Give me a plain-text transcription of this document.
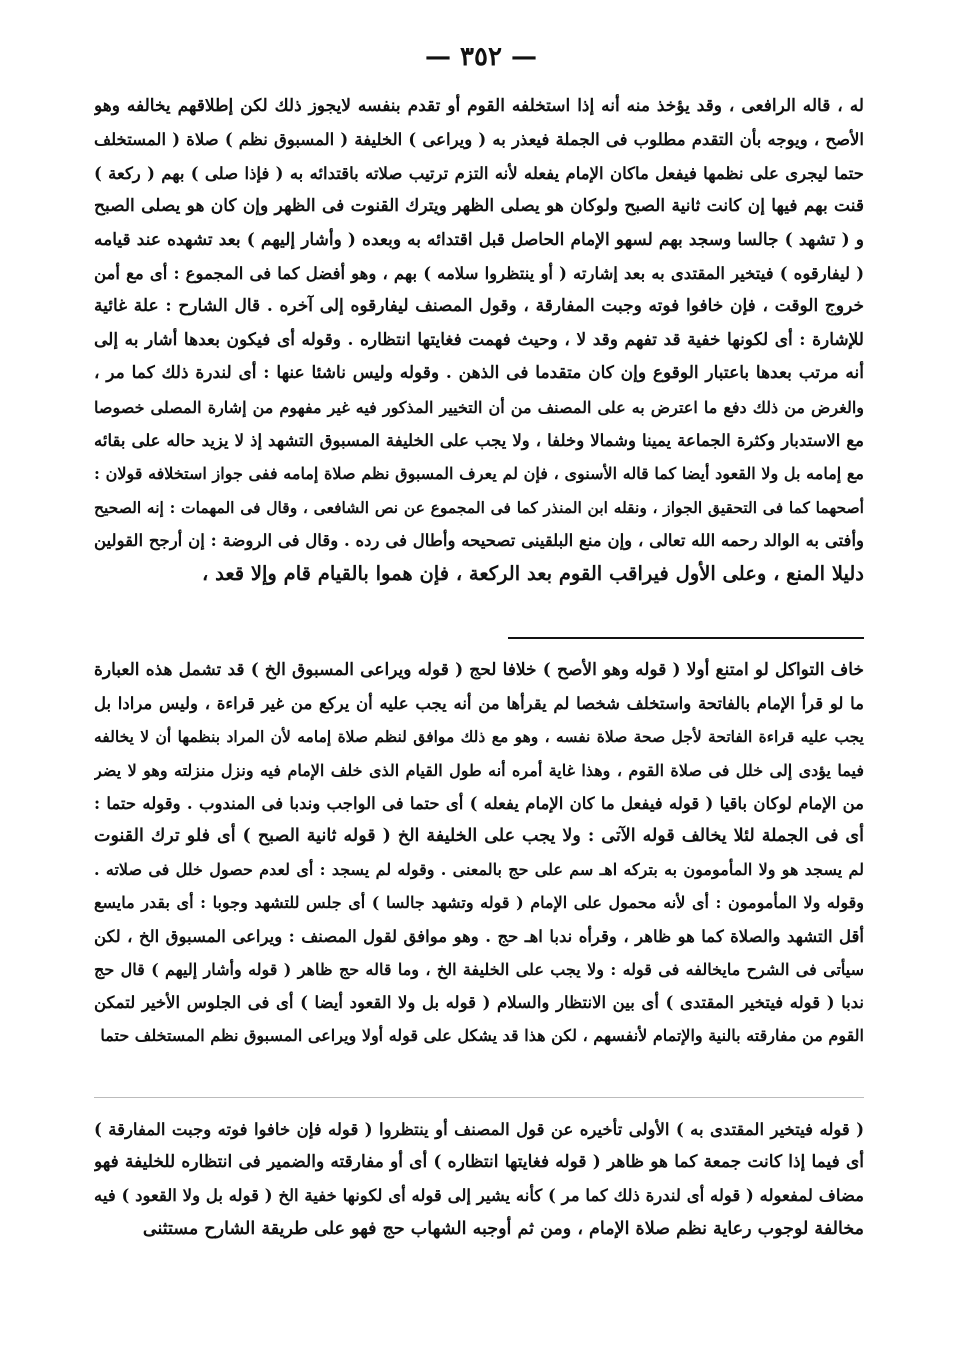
— ٣٥٢ —
له ، قاله الرافعى ، وقد يؤخذ منه أنه إذا استخلفه القوم أو تقدم بنفسه لايجوز ذلك لكن إطلاقهم يخالفه وهو
الأصح ، ويوجه بأن التقدم مطلوب فى الجملة فيعذر به ( ويراعى ) الخليفة ( المسبوق نظم ) صلاة ( المستخلف
حتما ليجرى على نظمها فيفعل ماكان الإمام يفعله لأنه التزم ترتيب صلاته باقتدائه به ( فإذا صلى ) بهم ( ركعة )
قنت بهم فيها إن كانت ثانية الصبح ولوكان هو يصلى الظهر ويترك القنوت فى الظهر وإن كان هو يصلى الصبح
و ( تشهد ) جالسا وسجد بهم لسهو الإمام الحاصل قبل اقتدائه به وبعده ( وأشار إليهم ) بعد تشهده عند قيامه
( ليفارقوه ) فيتخير المقتدى به بعد إشارته ( أو ينتظروا سلامه ) بهم ، وهو أفضل كما فى المجموع : أى مع أمن
خروج الوقت ، فإن خافوا فوته وجبت المفارقة ، وقول المصنف ليفارقوه إلى آخره . قال الشارح : علة غائية
للإشارة : أى لكونها خفية قد تفهم وقد لا ، وحيث فهمت فغايتها انتظاره . وقوله أى فيكون بعدها أشار به إلى
أنه مرتب بعدها باعتبار الوقوع وإن كان متقدما فى الذهن . وقوله وليس ناشئا عنها : أى لندرة ذلك كما مر ،
والغرض من ذلك دفع ما اعترض به على المصنف من أن التخيير المذكور فيه غير مفهوم من إشارة المصلى خصوصا
مع الاستدبار وكثرة الجماعة يمينا وشمالا وخلفا ، ولا يجب على الخليفة المسبوق التشهد إذ لا يزيد حاله على بقائه
مع إمامه بل ولا القعود أيضا كما قاله الأسنوى ، فإن لم يعرف المسبوق نظم صلاة إمامه ففى جواز استخلافه قولان :
أصحهما كما فى التحقيق الجواز ، ونقله ابن المنذر كما فى المجموع عن نص الشافعى ، وقال فى المهمات : إنه الصحيح
وأفتى به الوالد رحمه الله تعالى ، وإن منع البلقينى تصحيحه وأطال فى رده . وقال فى الروضة : إن أرجح القولين
دليلا المنع ، وعلى الأول فيراقب القوم بعد الركعة ، فإن هموا بالقيام قام وإلا قعد ،
خاف التواكل لو امتنع أولا ( قوله وهو الأصح ) خلافا لحج ( قوله ويراعى المسبوق الخ ) قد تشمل هذه العبارة
ما لو قرأ الإمام بالفاتحة واستخلف شخصا لم يقرأها من أنه يجب عليه أن يركع من غير قراءة ، وليس مرادا بل
يجب عليه قراءة الفاتحة لأجل صحة صلاة نفسه ، وهو مع ذلك موافق لنظم صلاة إمامه لأن المراد بنظمها أن لا يخالفه
فيما يؤدى إلى خلل فى صلاة القوم ، وهذا غاية أمره أنه طول القيام الذى خلف الإمام فيه ونزل منزلته وهو لا يضر
من الإمام لوكان باقيا ( قوله فيفعل ما كان الإمام يفعله ) أى حتما فى الواجب وندبا فى المندوب . وقوله حتما :
أى فى الجملة لئلا يخالف قوله الآتى : ولا يجب على الخليفة الخ ( قوله ثانية الصبح ) أى فلو ترك القنوت
لم يسجد هو ولا المأمومون به بتركه اهـ سم على حج بالمعنى . وقوله لم يسجد : أى لعدم حصول خلل فى صلاته .
وقوله ولا المأمومون : أى لأنه محمول على الإمام ( قوله وتشهد جالسا ) أى جلس للتشهد وجوبا : أى بقدر مايسع
أقل التشهد والصلاة كما هو ظاهر ، وقرأه ندبا اهـ حج . وهو موافق لقول المصنف : ويراعى المسبوق الخ ، لكن
سيأتى فى الشرح مايخالفه فى قوله : ولا يجب على الخليفة الخ ، وما قاله حج ظاهر ( قوله وأشار إليهم ) قال حج
ندبا ( قوله فيتخير المقتدى ) أى بين الانتظار والسلام ( قوله بل ولا القعود أيضا ) أى فى الجلوس الأخير لتمكن
القوم من مفارقته بالنية والإتمام لأنفسهم ، لكن هذا قد يشكل على قوله أولا ويراعى المسبوق نظم المستخلف حتما
( قوله فيتخير المقتدى به ) الأولى تأخيره عن قول المصنف أو ينتظروا ( قوله فإن خافوا فوته وجبت المفارقة )
أى فيما إذا كانت جمعة كما هو ظاهر ( قوله فغايتها انتظاره ) أى أو مفارقته والضمير فى انتظاره للخليفة فهو
مضاف لمفعوله ( قوله أى لندرة ذلك كما مر ) كأنه يشير إلى قوله أى لكونها خفية الخ ( قوله بل ولا القعود ) فيه
مخالفة لوجوب رعاية نظم صلاة الإمام ، ومن ثم أوجبه الشهاب حج فهو على طريقة الشارح مستثنى
